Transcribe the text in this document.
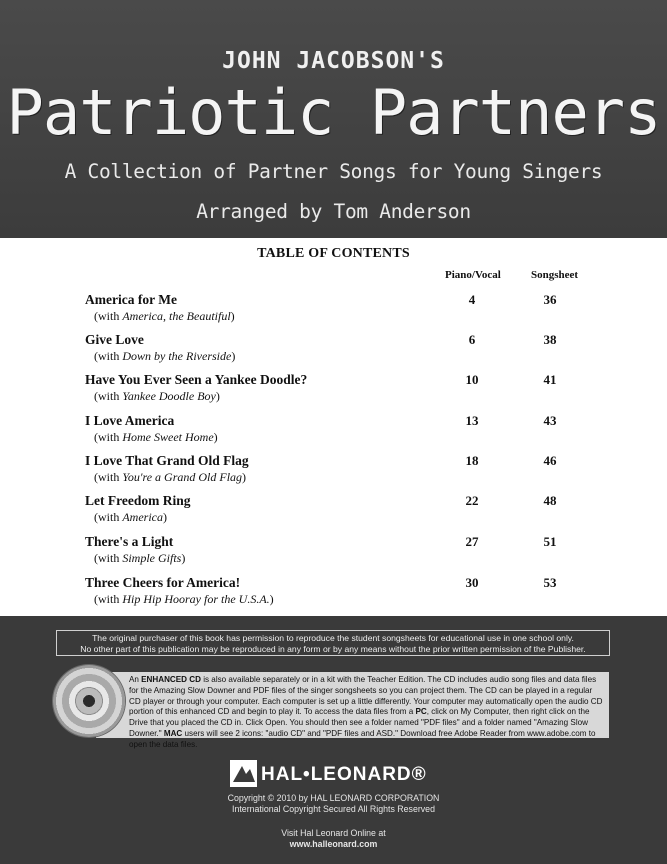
JOHN JACOBSON'S
Patriotic Partners
A Collection of Partner Songs for Young Singers
Arranged by Tom Anderson
TABLE OF CONTENTS
Piano/Vocal	Songsheet
America for Me
(with America, the Beautiful)
4	36
Give Love
(with Down by the Riverside)
6	38
Have You Ever Seen a Yankee Doodle?
(with Yankee Doodle Boy)
10	41
I Love America
(with Home Sweet Home)
13	43
I Love That Grand Old Flag
(with You're a Grand Old Flag)
18	46
Let Freedom Ring
(with America)
22	48
There's a Light
(with Simple Gifts)
27	51
Three Cheers for America!
(with Hip Hip Hooray for the U.S.A.)
30	53
The original purchaser of this book has permission to reproduce the student songsheets for educational use in one school only.
No other part of this publication may be reproduced in any form or by any means without the prior written permission of the Publisher.
An ENHANCED CD is also available separately or in a kit with the Teacher Edition. The CD includes audio song files and data files for the Amazing Slow Downer and PDF files of the singer songsheets so you can project them. The CD can be played in a regular CD player or through your computer. Each computer is set up a little differently. Your computer may automatically open the audio CD portion of this enhanced CD and begin to play it. To access the data files from a PC, click on My Computer, then right click on the Drive that you placed the CD in. Click Open. You should then see a folder named "PDF files" and a folder named "Amazing Slow Downer." MAC users will see 2 icons: "audio CD" and "PDF files and ASD." Download free Adobe Reader from www.adobe.com to open the data files.
HAL•LEONARD®
Copyright © 2010 by HAL LEONARD CORPORATION
International Copyright Secured All Rights Reserved
Visit Hal Leonard Online at
www.halleonard.com
